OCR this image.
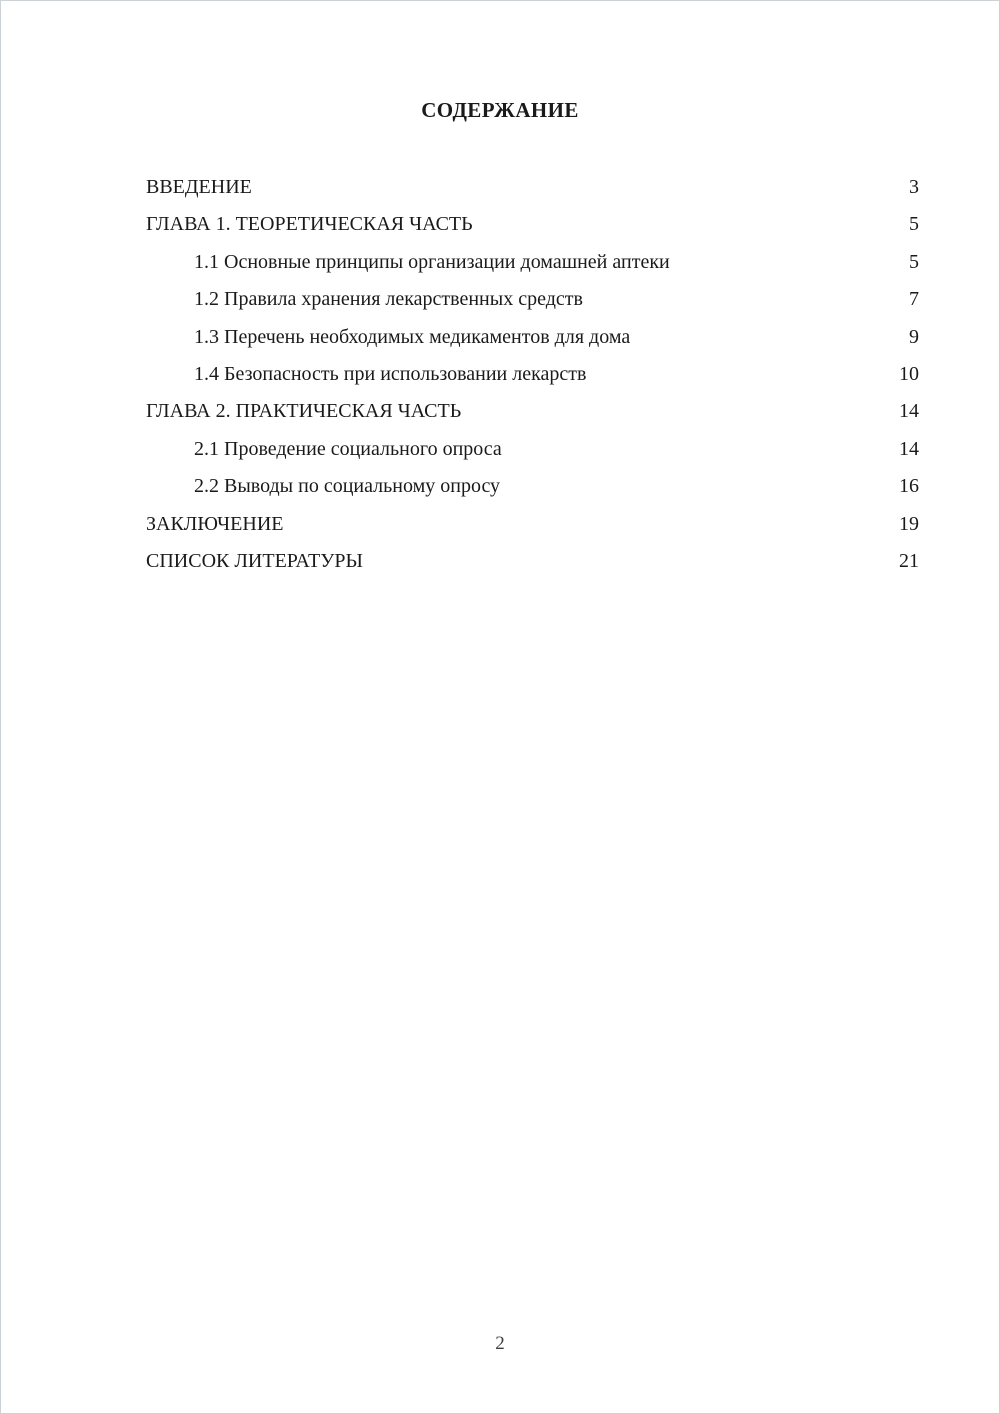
СОДЕРЖАНИЕ
ВВЕДЕНИЕ	3
ГЛАВА 1. ТЕОРЕТИЧЕСКАЯ ЧАСТЬ	5
1.1 Основные принципы организации домашней аптеки	5
1.2 Правила хранения лекарственных средств	7
1.3 Перечень необходимых медикаментов для дома	9
1.4 Безопасность при использовании лекарств	10
ГЛАВА 2. ПРАКТИЧЕСКАЯ ЧАСТЬ	14
2.1 Проведение социального опроса	14
2.2 Выводы по социальному опросу	16
ЗАКЛЮЧЕНИЕ	19
СПИСОК ЛИТЕРАТУРЫ	21
2
